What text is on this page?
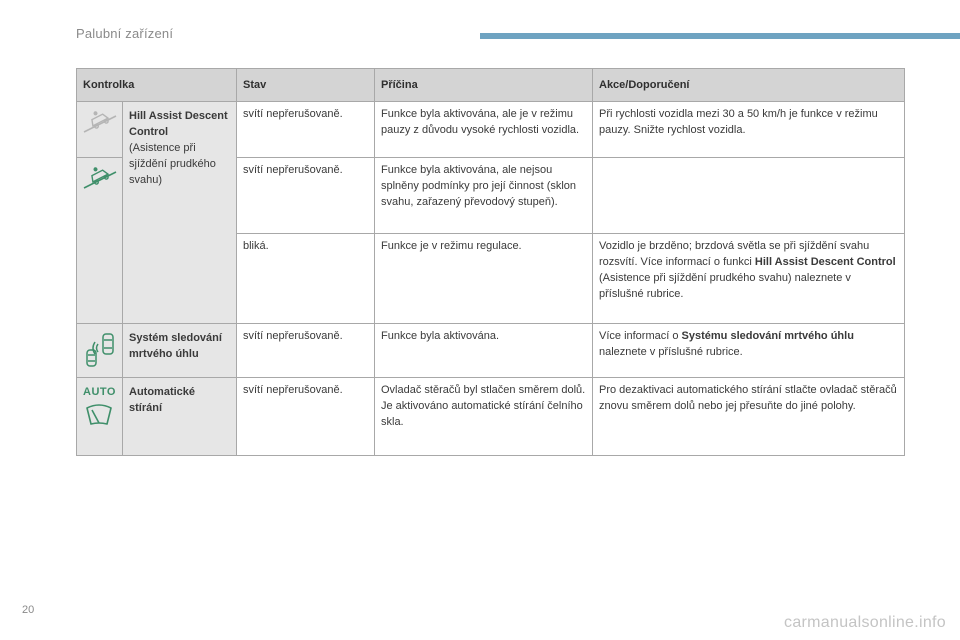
Palubní zařízení
Kontrolka		Stav	Příčina	Akce/Doporučení

Hill Assist Descent Control
(Asistence při sjíždění prudkého svahu)	svítí nepřerušovaně.	Funkce byla aktivována, ale je v režimu pauzy z důvodu vysoké rychlosti vozidla.	Při rychlosti vozidla mezi 30 a 50 km/h je funkce v režimu pauzy. Snižte rychlost vozidla.

	svítí nepřerušovaně.	Funkce byla aktivována, ale nejsou splněny podmínky pro její činnost (sklon svahu, zařazený převodový stupeň).	
		bliká.	Funkce je v režimu regulace.	Vozidlo je brzděno; brzdová světla se při sjíždění svahu rozsvítí. Více informací o funkci Hill Assist Descent Control (Asistence při sjíždění prudkého svahu) naleznete v příslušné rubrice.

Systém sledování mrtvého úhlu	svítí nepřerušovaně.	Funkce byla aktivována.	Více informací o Systému sledování mrtvého úhlu naleznete v příslušné rubrice.

AUTO	Automatické stírání	svítí nepřerušovaně.	Ovladač stěračů byl stlačen směrem dolů. Je aktivováno automatické stírání čelního skla.	Pro dezaktivaci automatického stírání stlačte ovladač stěračů znovu směrem dolů nebo jej přesuňte do jiné polohy.
20
carmanualsonline.info
